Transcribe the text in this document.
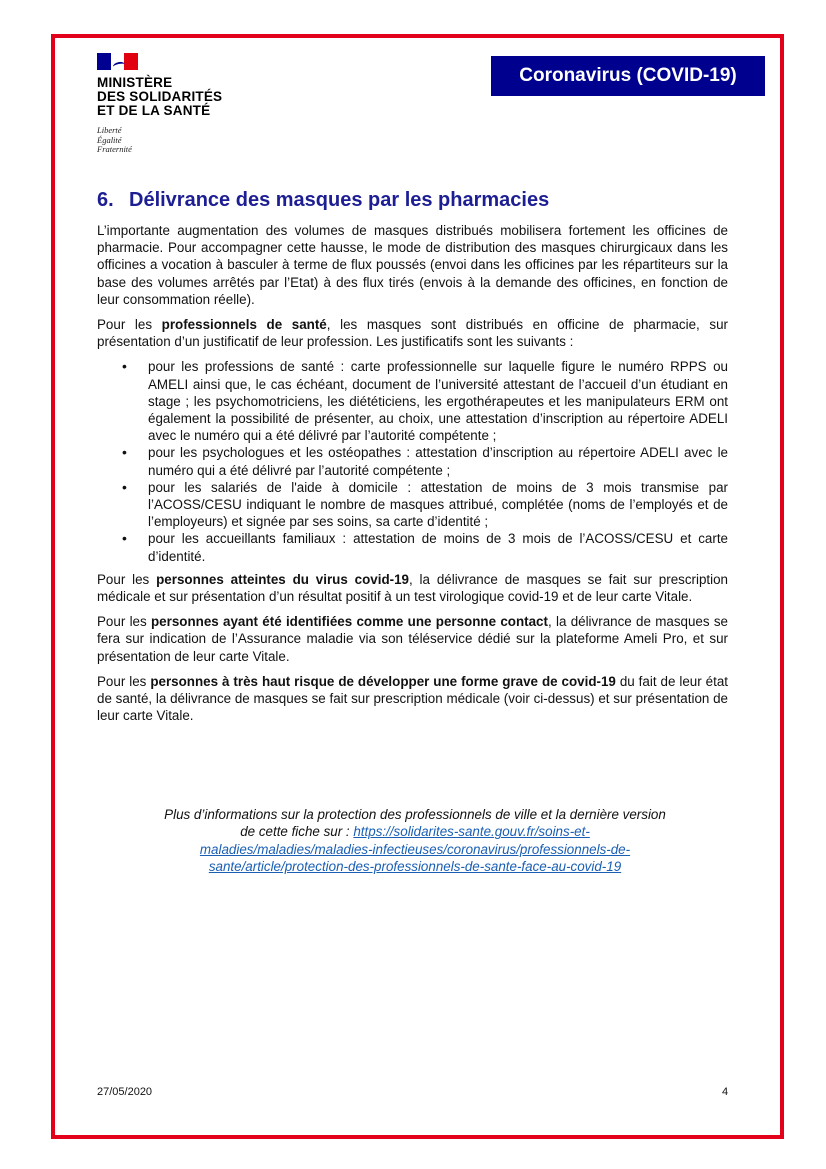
MINISTÈRE
DES SOLIDARITÉS
ET DE LA SANTÉ
Liberté
Égalité
Fraternité
Coronavirus (COVID-19)
6. Délivrance des masques par les pharmacies

L’importante augmentation des volumes de masques distribués mobilisera fortement les officines de pharmacie. Pour accompagner cette hausse, le mode de distribution des masques chirurgicaux dans les officines a vocation à basculer à terme de flux poussés (envoi dans les officines par les répartiteurs sur la base des volumes arrêtés par l’Etat) à des flux tirés (envois à la demande des officines, en fonction de leur consommation réelle).

Pour les professionnels de santé, les masques sont distribués en officine de pharmacie, sur présentation d’un justificatif de leur profession. Les justificatifs sont les suivants :

• pour les professions de santé : carte professionnelle sur laquelle figure le numéro RPPS ou AMELI ainsi que, le cas échéant, document de l’université attestant de l’accueil d’un étudiant en stage ; les psychomotriciens, les diététiciens, les ergothérapeutes et les manipulateurs ERM ont également la possibilité de présenter, au choix, une attestation d’inscription au répertoire ADELI avec le numéro qui a été délivré par l’autorité compétente ;
• pour les psychologues et les ostéopathes : attestation d’inscription au répertoire ADELI avec le numéro qui a été délivré par l’autorité compétente ;
• pour les salariés de l'aide à domicile : attestation de moins de 3 mois transmise par l’ACOSS/CESU indiquant le nombre de masques attribué, complétée (noms de l’employés et de l’employeurs) et signée par ses soins, sa carte d’identité ;
• pour les accueillants familiaux : attestation de moins de 3 mois de l’ACOSS/CESU et carte d’identité.

Pour les personnes atteintes du virus covid-19, la délivrance de masques se fait sur prescription médicale et sur présentation d’un résultat positif à un test virologique covid-19 et de leur carte Vitale.

Pour les personnes ayant été identifiées comme une personne contact, la délivrance de masques se fera sur indication de l’Assurance maladie via son téléservice dédié sur la plateforme Ameli Pro, et sur présentation de leur carte Vitale.

Pour les personnes à très haut risque de développer une forme grave de covid-19 du fait de leur état de santé, la délivrance de masques se fait sur prescription médicale (voir ci-dessus) et sur présentation de leur carte Vitale.

Plus d’informations sur la protection des professionnels de ville et la dernière version de cette fiche sur : https://solidarites-sante.gouv.fr/soins-et-maladies/maladies/maladies-infectieuses/coronavirus/professionnels-de-sante/article/protection-des-professionnels-de-sante-face-au-covid-19
27/05/2020	4
